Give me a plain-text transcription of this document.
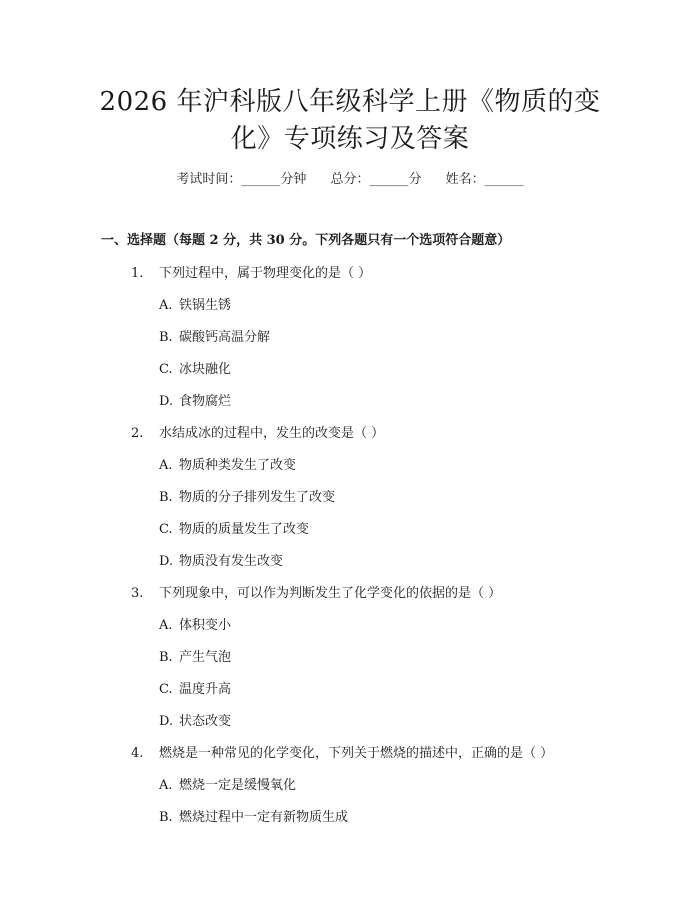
2026 年沪科版八年级科学上册《物质的变
化》专项练习及答案
考试时间：______分钟 总分：______分 姓名：______
一、选择题（每题 2 分，共 30 分。下列各题只有一个选项符合题意）
1. 下列过程中，属于物理变化的是（ ）
A. 铁锅生锈
B. 碳酸钙高温分解
C. 冰块融化
D. 食物腐烂
2. 水结成冰的过程中，发生的改变是（ ）
A. 物质种类发生了改变
B. 物质的分子排列发生了改变
C. 物质的质量发生了改变
D. 物质没有发生改变
3. 下列现象中，可以作为判断发生了化学变化的依据的是（ ）
A. 体积变小
B. 产生气泡
C. 温度升高
D. 状态改变
4. 燃烧是一种常见的化学变化，下列关于燃烧的描述中，正确的是（ ）
A. 燃烧一定是缓慢氧化
B. 燃烧过程中一定有新物质生成
